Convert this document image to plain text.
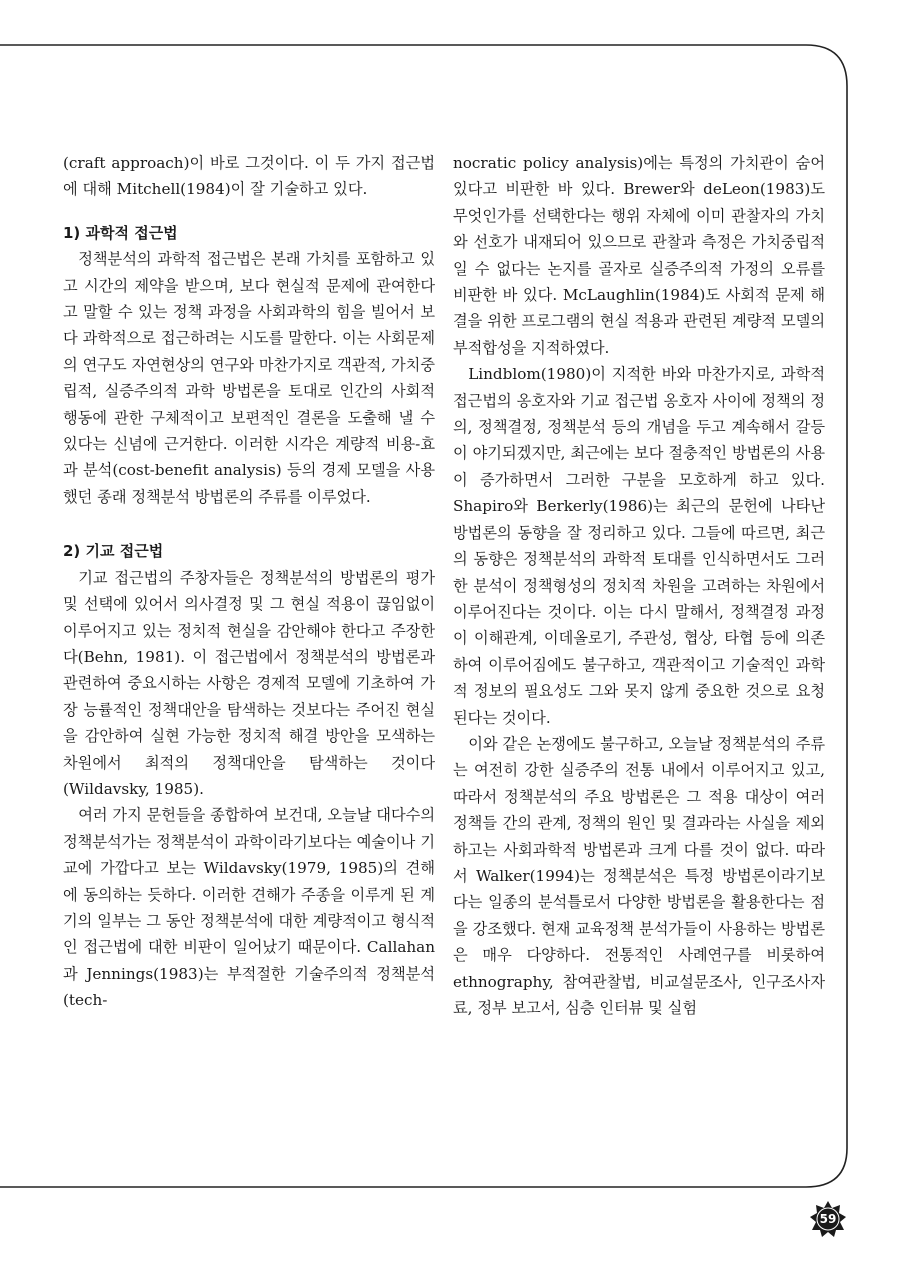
(craft approach)이 바로 그것이다. 이 두 가지 접근법에 대해 Mitchell(1984)이 잘 기술하고 있다.

1) 과학적 접근법

정책분석의 과학적 접근법은 본래 가치를 포함하고 있고 시간의 제약을 받으며, 보다 현실적 문제에 관여한다고 말할 수 있는 정책 과정을 사회과학의 힘을 빌어서 보다 과학적으로 접근하려는 시도를 말한다. 이는 사회문제의 연구도 자연현상의 연구와 마찬가지로 객관적, 가치중립적, 실증주의적 과학 방법론을 토대로 인간의 사회적 행동에 관한 구체적이고 보편적인 결론을 도출해 낼 수 있다는 신념에 근거한다. 이러한 시각은 계량적 비용-효과 분석(cost-benefit analysis) 등의 경제 모델을 사용했던 종래 정책분석 방법론의 주류를 이루었다.

2) 기교 접근법

기교 접근법의 주창자들은 정책분석의 방법론의 평가 및 선택에 있어서 의사결정 및 그 현실 적용이 끊임없이 이루어지고 있는 정치적 현실을 감안해야 한다고 주장한다(Behn, 1981). 이 접근법에서 정책분석의 방법론과 관련하여 중요시하는 사항은 경제적 모델에 기초하여 가장 능률적인 정책대안을 탐색하는 것보다는 주어진 현실을 감안하여 실현 가능한 정치적 해결 방안을 모색하는 차원에서 최적의 정책대안을 탐색하는 것이다(Wildavsky, 1985).

여러 가지 문헌들을 종합하여 보건대, 오늘날 대다수의 정책분석가는 정책분석이 과학이라기보다는 예술이나 기교에 가깝다고 보는 Wildavsky(1979, 1985)의 견해에 동의하는 듯하다. 이러한 견해가 주종을 이루게 된 계기의 일부는 그 동안 정책분석에 대한 계량적이고 형식적인 접근법에 대한 비판이 일어났기 때문이다. Callahan과 Jennings(1983)는 부적절한 기술주의적 정책분석(tech-

nocratic policy analysis)에는 특정의 가치관이 숨어 있다고 비판한 바 있다. Brewer와 deLeon(1983)도 무엇인가를 선택한다는 행위 자체에 이미 관찰자의 가치와 선호가 내재되어 있으므로 관찰과 측정은 가치중립적일 수 없다는 논지를 골자로 실증주의적 가정의 오류를 비판한 바 있다. McLaughlin(1984)도 사회적 문제 해결을 위한 프로그램의 현실 적용과 관련된 계량적 모델의 부적합성을 지적하였다.

Lindblom(1980)이 지적한 바와 마찬가지로, 과학적 접근법의 옹호자와 기교 접근법 옹호자 사이에 정책의 정의, 정책결정, 정책분석 등의 개념을 두고 계속해서 갈등이 야기되겠지만, 최근에는 보다 절충적인 방법론의 사용이 증가하면서 그러한 구분을 모호하게 하고 있다. Shapiro와 Berkerly(1986)는 최근의 문헌에 나타난 방법론의 동향을 잘 정리하고 있다. 그들에 따르면, 최근의 동향은 정책분석의 과학적 토대를 인식하면서도 그러한 분석이 정책형성의 정치적 차원을 고려하는 차원에서 이루어진다는 것이다. 이는 다시 말해서, 정책결정 과정이 이해관계, 이데올로기, 주관성, 협상, 타협 등에 의존하여 이루어짐에도 불구하고, 객관적이고 기술적인 과학적 정보의 필요성도 그와 못지 않게 중요한 것으로 요청된다는 것이다.

이와 같은 논쟁에도 불구하고, 오늘날 정책분석의 주류는 여전히 강한 실증주의 전통 내에서 이루어지고 있고, 따라서 정책분석의 주요 방법론은 그 적용 대상이 여러 정책들 간의 관계, 정책의 원인 및 결과라는 사실을 제외하고는 사회과학적 방법론과 크게 다를 것이 없다. 따라서 Walker(1994)는 정책분석은 특정 방법론이라기보다는 일종의 분석틀로서 다양한 방법론을 활용한다는 점을 강조했다. 현재 교육정책 분석가들이 사용하는 방법론은 매우 다양하다. 전통적인 사례연구를 비롯하여 ethnography, 참여관찰법, 비교설문조사, 인구조사자료, 정부 보고서, 심층 인터뷰 및 실험

59
